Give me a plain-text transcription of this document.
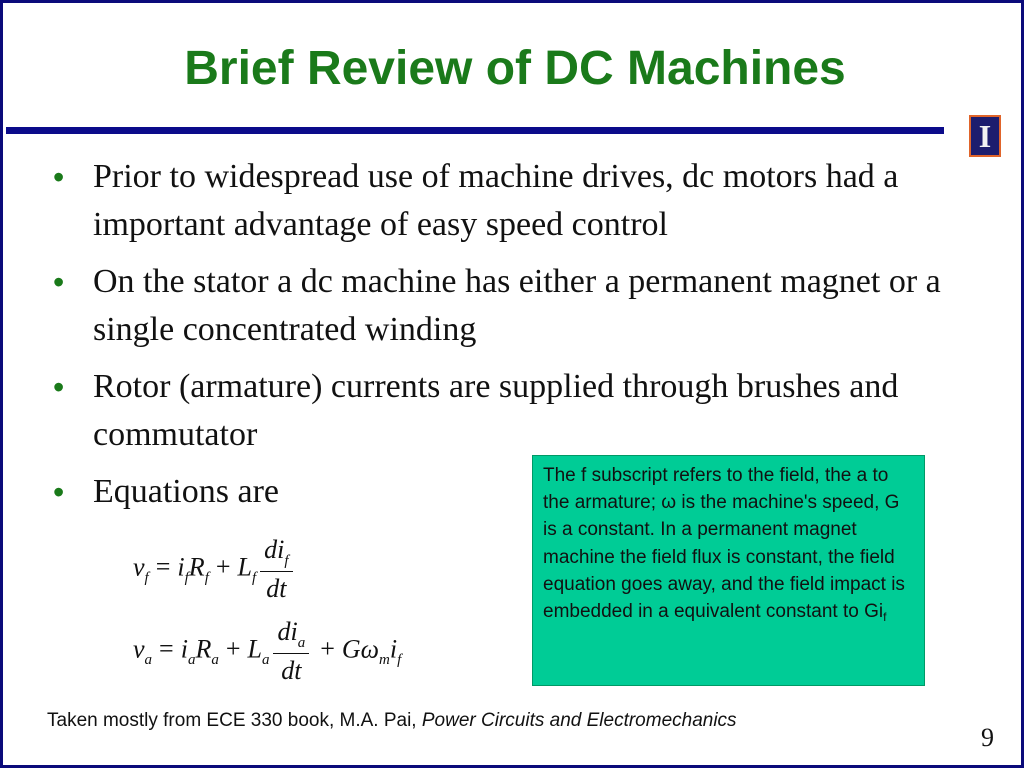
Brief Review of DC Machines
I
• Prior to widespread use of machine drives, dc motors had a important advantage of easy speed control
• On the stator a dc machine has either a permanent magnet or a single concentrated winding
• Rotor (armature) currents are supplied through brushes and commutator
• Equations are
$v_f = i_fR_f + L_f \frac{di_f}{dt}$
$v_a = i_aR_a + L_a \frac{di_a}{dt} + G\omega_mi_f$
The f subscript refers to the field, the a to the armature; ω is the machine's speed, G is a constant. In a permanent magnet machine the field flux is constant, the field equation goes away, and the field impact is embedded in a equivalent constant to $Gi_f$
Taken mostly from ECE 330 book, M.A. Pai, Power Circuits and Electromechanics
9
